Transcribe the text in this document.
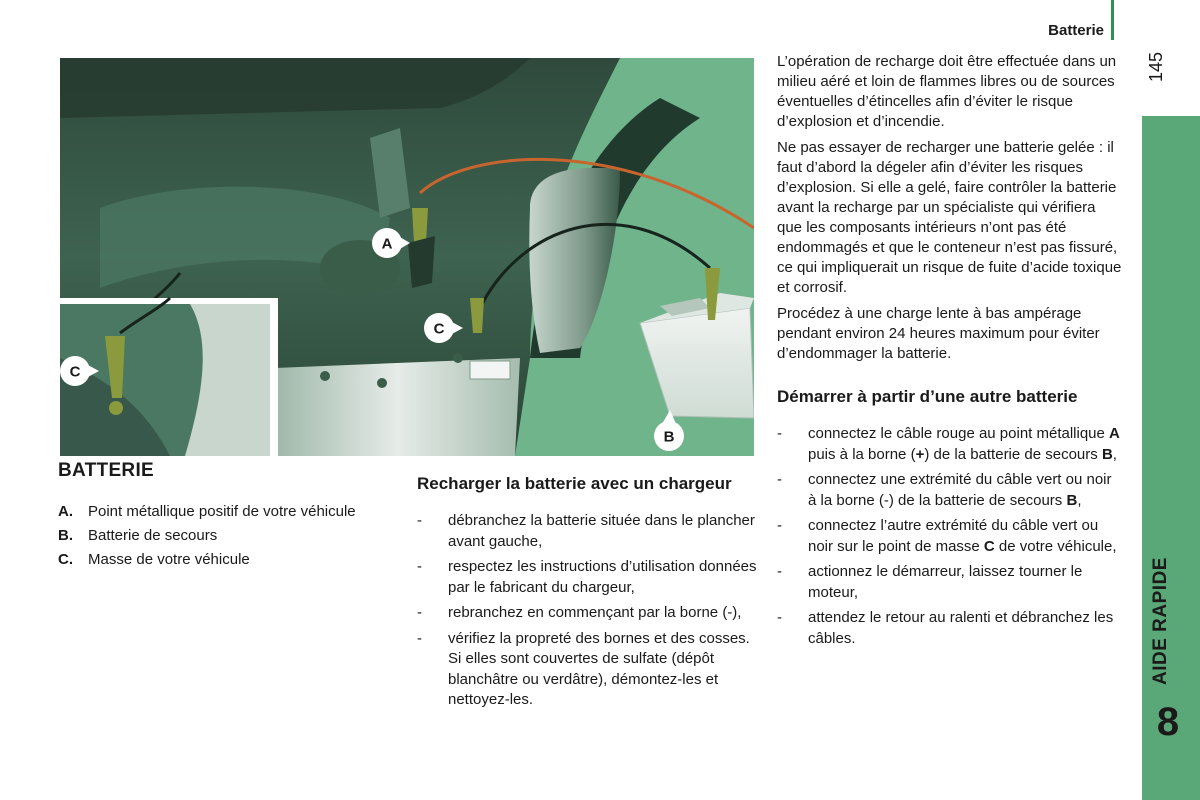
Batterie
145
AIDE RAPIDE
8
A
C
B
C
BATTERIE
A.	Point métallique positif de votre véhicule
B.	Batterie de secours
C.	Masse de votre véhicule
Recharger la batterie avec un chargeur
-	débranchez la batterie située dans le plancher avant gauche,
-	respectez les instructions d’utilisation données par le fabricant du chargeur,
-	rebranchez en commençant par la borne (-),
-	vérifiez la propreté des bornes et des cosses. Si elles sont couvertes de sulfate (dépôt blanchâtre ou verdâtre), démontez-les et nettoyez-les.

L’opération de recharge doit être effectuée dans un milieu aéré et loin de flammes libres ou de sources éventuelles d’étincelles afin d’éviter le risque d’explosion et d’incendie.

Ne pas essayer de recharger une batterie gelée : il faut d’abord la dégeler afin d’éviter les risques d’explosion. Si elle a gelé, faire contrôler la batterie avant la recharge par un spécialiste qui vérifiera que les composants intérieurs n’ont pas été endommagés et que le conteneur n’est pas fissuré, ce qui impliquerait un risque de fuite d’acide toxique et corrosif.

Procédez à une charge lente à bas ampérage pendant environ 24 heures maximum pour éviter d’endommager la batterie.

Démarrer à partir d’une autre batterie
-	connectez le câble rouge au point métallique A puis à la borne (+) de la batterie de secours B,
-	connectez une extrémité du câble vert ou noir à la borne (-) de la batterie de secours B,
-	connectez l’autre extrémité du câble vert ou noir sur le point de masse C de votre véhicule,
-	actionnez le démarreur, laissez tourner le moteur,
-	attendez le retour au ralenti et débranchez les câbles.
